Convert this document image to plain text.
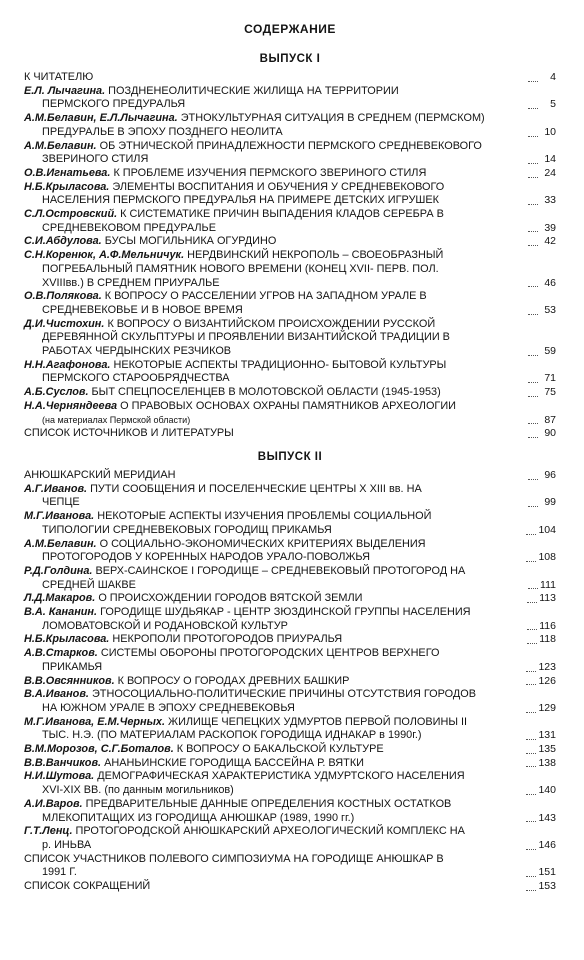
СОДЕРЖАНИЕ
ВЫПУСК I
К ЧИТАТЕЛЮ	4
Е.Л. Лычагина. ПОЗДНЕНЕОЛИТИЧЕСКИЕ ЖИЛИЩА НА ТЕРРИТОРИИ
ПЕРМСКОГО ПРЕДУРАЛЬЯ	5
А.М.Белавин, Е.Л.Лычагина. ЭТНОКУЛЬТУРНАЯ СИТУАЦИЯ В СРЕДНЕМ (ПЕРМСКОМ)
ПРЕДУРАЛЬЕ В ЭПОХУ ПОЗДНЕГО НЕОЛИТА	10
А.М.Белавин. ОБ ЭТНИЧЕСКОЙ ПРИНАДЛЕЖНОСТИ ПЕРМСКОГО СРЕДНЕВЕКОВОГО
ЗВЕРИНОГО СТИЛЯ	14
О.В.Игнатьева. К ПРОБЛЕМЕ ИЗУЧЕНИЯ ПЕРМСКОГО ЗВЕРИНОГО СТИЛЯ	24
Н.Б.Крыласова. ЭЛЕМЕНТЫ ВОСПИТАНИЯ И ОБУЧЕНИЯ У СРЕДНЕВЕКОВОГО
НАСЕЛЕНИЯ ПЕРМСКОГО ПРЕДУРАЛЬЯ НА ПРИМЕРЕ ДЕТСКИХ ИГРУШЕК	33
С.Л.Островский. К СИСТЕМАТИКЕ ПРИЧИН ВЫПАДЕНИЯ КЛАДОВ СЕРЕБРА В
СРЕДНЕВЕКОВОМ ПРЕДУРАЛЬЕ	39
С.И.Абдулова. БУСЫ МОГИЛЬНИКА ОГУРДИНО	42
С.Н.Коренюк, А.Ф.Мельничук. НЕРДВИНСКИЙ НЕКРОПОЛЬ – СВОЕОБРАЗНЫЙ
ПОГРЕБАЛЬНЫЙ ПАМЯТНИК НОВОГО ВРЕМЕНИ (КОНЕЦ XVII- ПЕРВ. ПОЛ.
XVIIIвв.) В СРЕДНЕМ ПРИУРАЛЬЕ	46
О.В.Полякова. К ВОПРОСУ О РАССЕЛЕНИИ УГРОВ НА ЗАПАДНОМ УРАЛЕ В
СРЕДНЕВЕКОВЬЕ И В НОВОЕ ВРЕМЯ	53
Д.И.Чистохин. К ВОПРОСУ О ВИЗАНТИЙСКОМ ПРОИСХОЖДЕНИИ РУССКОЙ
ДЕРЕВЯННОЙ СКУЛЬПТУРЫ И ПРОЯВЛЕНИИ ВИЗАНТИЙСКОЙ ТРАДИЦИИ В
РАБОТАХ ЧЕРДЫНСКИХ РЕЗЧИКОВ	59
Н.Н.Агафонова. НЕКОТОРЫЕ АСПЕКТЫ ТРАДИЦИОННО- БЫТОВОЙ КУЛЬТУРЫ
ПЕРМСКОГО СТАРООБРЯДЧЕСТВА	71
А.Б.Суслов. БЫТ СПЕЦПОСЕЛЕНЦЕВ В МОЛОТОВСКОЙ ОБЛАСТИ (1945-1953)	75
Н.А.Черняндеева О ПРАВОВЫХ ОСНОВАХ ОХРАНЫ ПАМЯТНИКОВ АРХЕОЛОГИИ
(на материалах Пермской области)	87
СПИСОК ИСТОЧНИКОВ И ЛИТЕРАТУРЫ	90
ВЫПУСК II
АНЮШКАРСКИЙ МЕРИДИАН	96
А.Г.Иванов. ПУТИ СООБЩЕНИЯ И ПОСЕЛЕНЧЕСКИЕ ЦЕНТРЫ X XIII вв. НА
ЧЕПЦЕ	99
М.Г.Иванова. НЕКОТОРЫЕ АСПЕКТЫ ИЗУЧЕНИЯ ПРОБЛЕМЫ СОЦИАЛЬНОЙ
ТИПОЛОГИИ СРЕДНЕВЕКОВЫХ ГОРОДИЩ ПРИКАМЬЯ	104
А.М.Белавин. О СОЦИАЛЬНО-ЭКОНОМИЧЕСКИХ КРИТЕРИЯХ ВЫДЕЛЕНИЯ
ПРОТОГОРОДОВ У КОРЕННЫХ НАРОДОВ УРАЛО-ПОВОЛЖЬЯ	108
Р.Д.Голдина. ВЕРХ-САИНСКОЕ I ГОРОДИЩЕ – СРЕДНЕВЕКОВЫЙ ПРОТОГОРОД НА
СРЕДНЕЙ ШАКВЕ	111
Л.Д.Макаров. О ПРОИСХОЖДЕНИИ ГОРОДОВ ВЯТСКОЙ ЗЕМЛИ	113
В.А. Кананин. ГОРОДИЩЕ ШУДЬЯКАР - ЦЕНТР ЗЮЗДИНСКОЙ ГРУППЫ НАСЕЛЕНИЯ
ЛОМОВАТОВСКОЙ И РОДАНОВСКОЙ КУЛЬТУР	116
Н.Б.Крыласова. НЕКРОПОЛИ ПРОТОГОРОДОВ ПРИУРАЛЬЯ	118
А.В.Старков. СИСТЕМЫ ОБОРОНЫ ПРОТОГОРОДСКИХ ЦЕНТРОВ ВЕРХНЕГО
ПРИКАМЬЯ	123
В.В.Овсянников. К ВОПРОСУ О ГОРОДАХ ДРЕВНИХ БАШКИР	126
В.А.Иванов. ЭТНОСОЦИАЛЬНО-ПОЛИТИЧЕСКИЕ ПРИЧИНЫ ОТСУТСТВИЯ ГОРОДОВ
НА ЮЖНОМ УРАЛЕ В ЭПОХУ СРЕДНЕВЕКОВЬЯ	129
М.Г.Иванова, Е.М.Черных. ЖИЛИЩЕ ЧЕПЕЦКИХ УДМУРТОВ ПЕРВОЙ ПОЛОВИНЫ II
ТЫС. Н.Э. (ПО МАТЕРИАЛАМ РАСКОПОК ГОРОДИЩА ИДНАКАР в 1990г.)	131
В.М.Морозов, С.Г.Боталов. К ВОПРОСУ О БАКАЛЬСКОЙ КУЛЬТУРЕ	135
В.В.Ванчиков. АНАНЬИНСКИЕ ГОРОДИЩА БАССЕЙНА Р. ВЯТКИ	138
Н.И.Шутова. ДЕМОГРАФИЧЕСКАЯ ХАРАКТЕРИСТИКА УДМУРТСКОГО НАСЕЛЕНИЯ
XVI-XIX ВВ. (по данным могильников)	140
А.И.Варов. ПРЕДВАРИТЕЛЬНЫЕ ДАННЫЕ ОПРЕДЕЛЕНИЯ КОСТНЫХ ОСТАТКОВ
МЛЕКОПИТАЩИХ ИЗ ГОРОДИЩА АНЮШКАР (1989, 1990 гг.)	143
Г.Т.Ленц. ПРОТОГОРОДСКОЙ АНЮШКАРСКИЙ АРХЕОЛОГИЧЕСКИЙ КОМПЛЕКС НА
р. ИНЬВА	146
СПИСОК УЧАСТНИКОВ ПОЛЕВОГО СИМПОЗИУМА НА ГОРОДИЩЕ АНЮШКАР В
1991 Г.	151
СПИСОК СОКРАЩЕНИЙ	153
